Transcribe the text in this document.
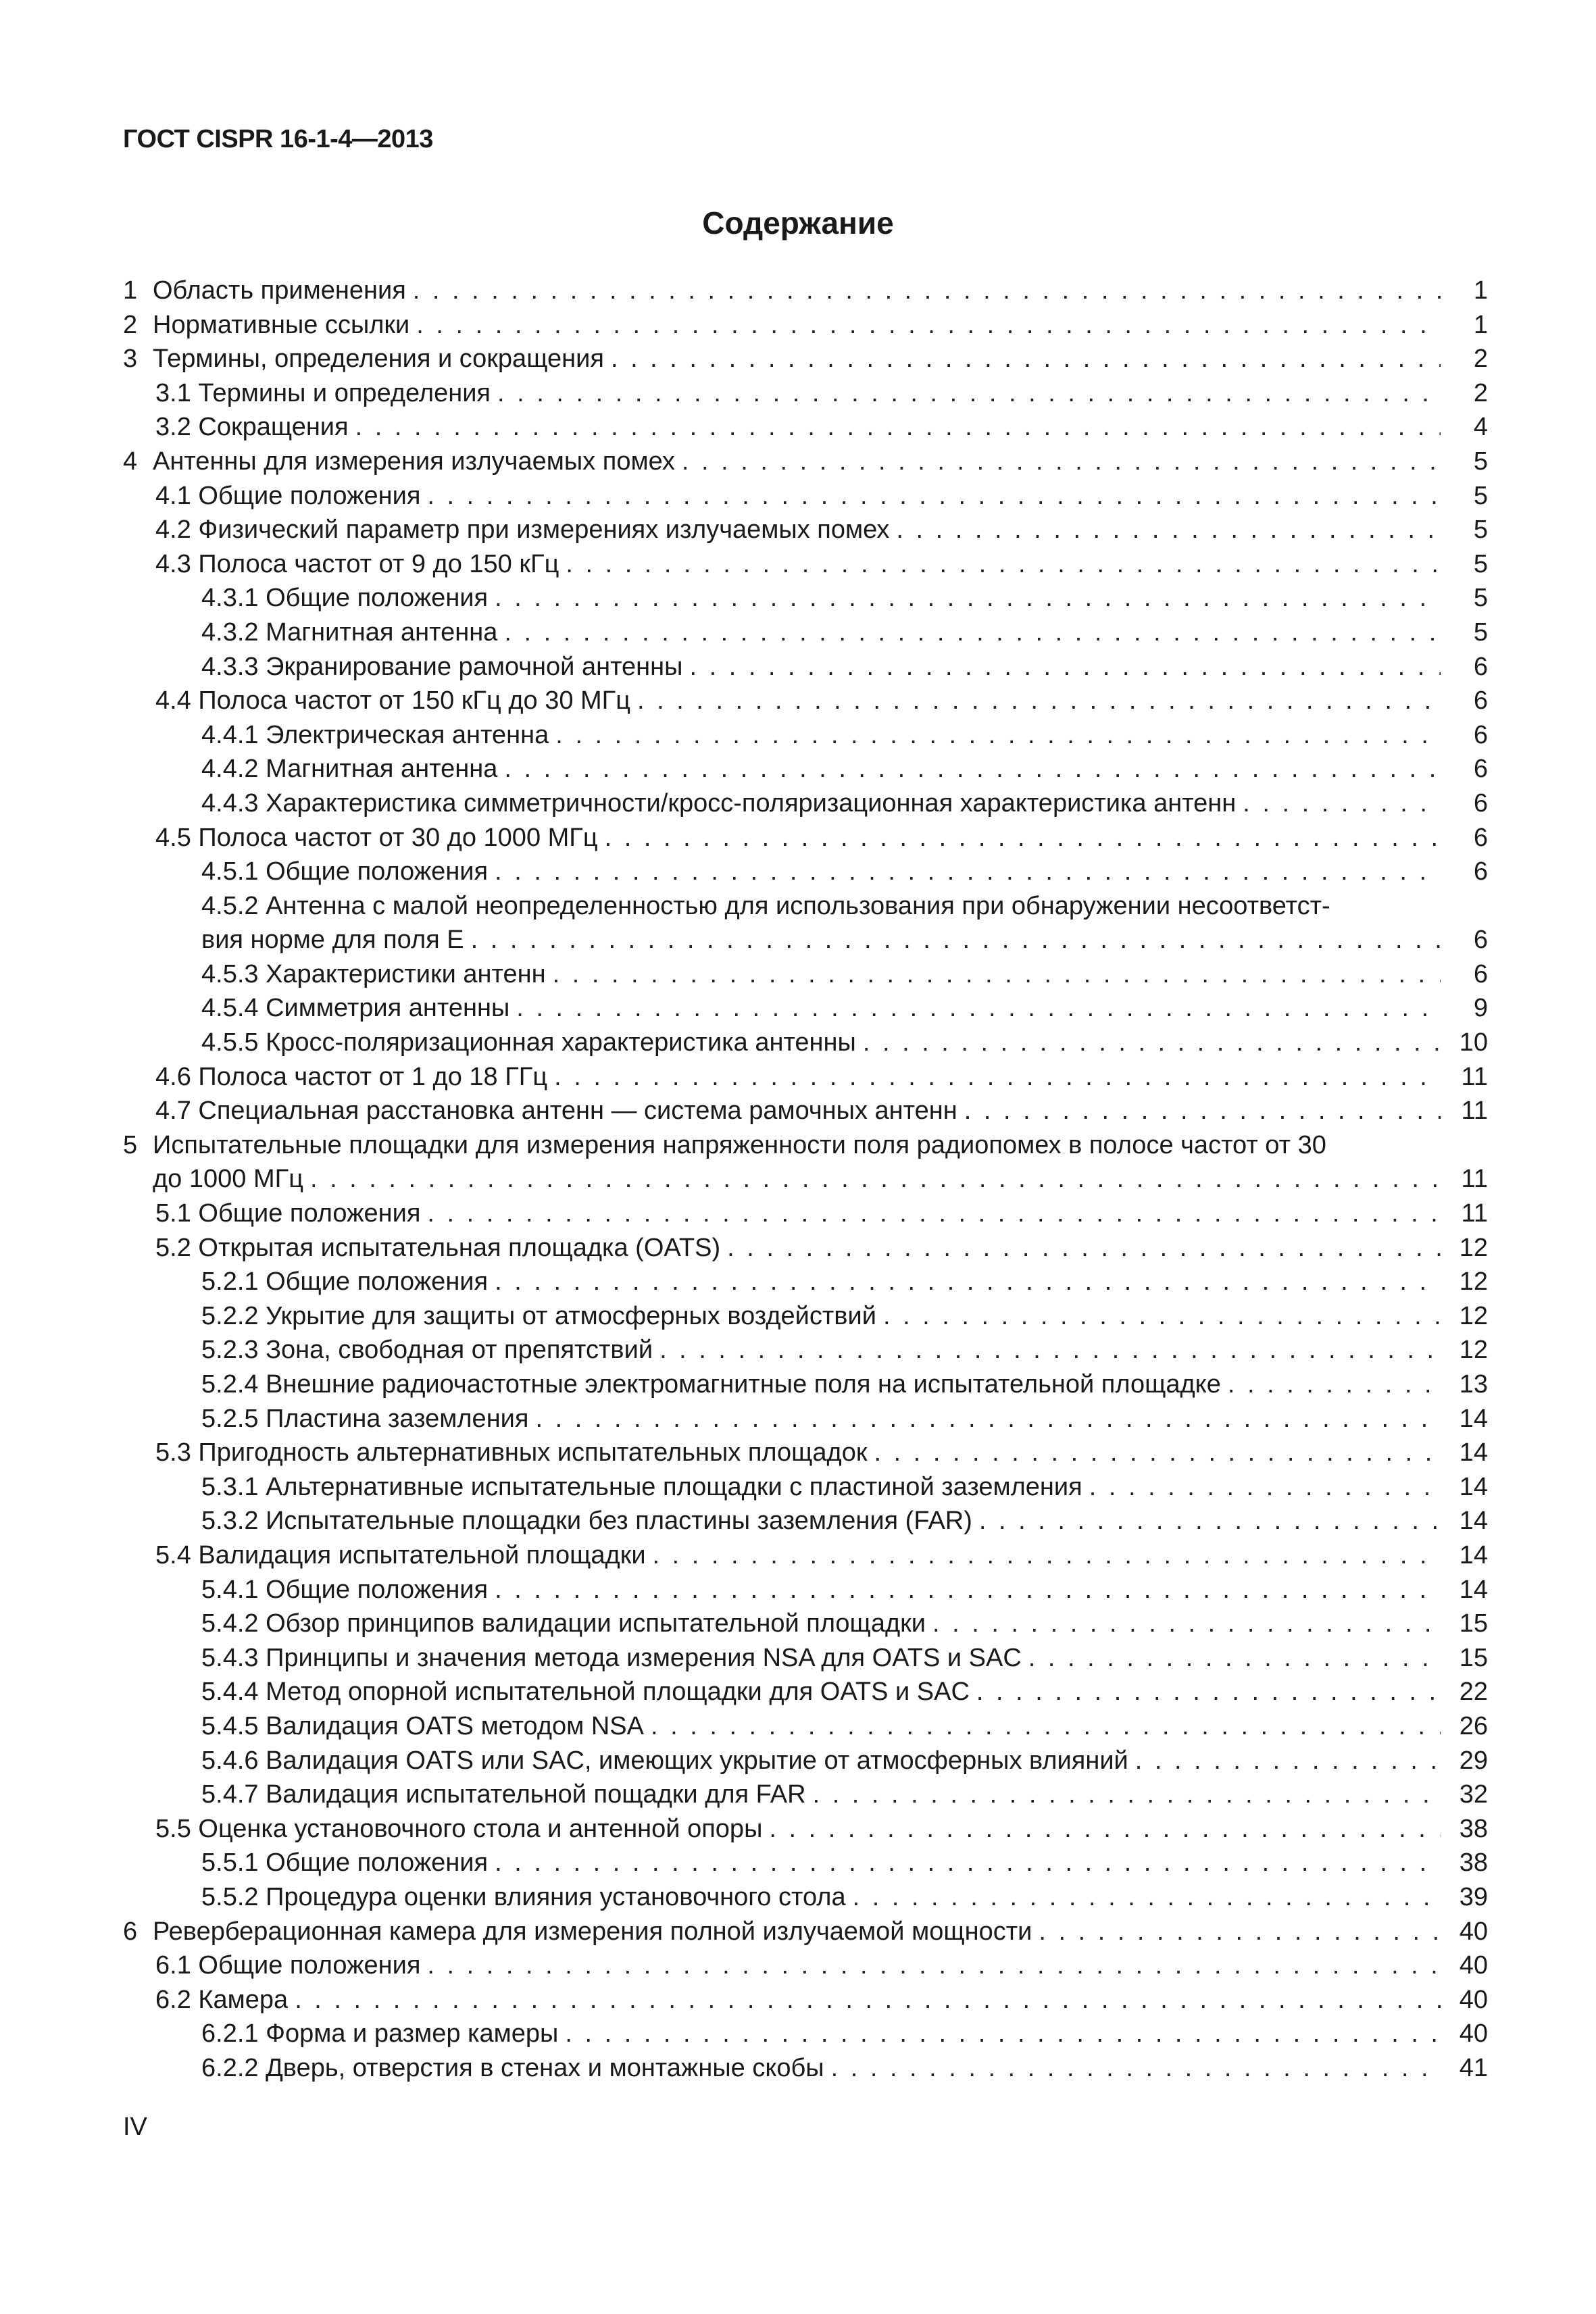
ГОСТ CISPR 16-1-4—2013
Содержание
1 Область применения . . .	1
2 Нормативные ссылки . . .	1
3 Термины, определения и сокращения . . .	2
3.1 Термины и определения . . .	2
3.2 Сокращения . . .	4
4 Антенны для измерения излучаемых помех . . .	5
4.1 Общие положения . . .	5
4.2 Физический параметр при измерениях излучаемых помех . . .	5
4.3 Полоса частот от 9 до 150 кГц . . .	5
4.3.1 Общие положения . . .	5
4.3.2 Магнитная антенна . . .	5
4.3.3 Экранирование рамочной антенны . . .	6
4.4 Полоса частот от 150 кГц до 30 МГц . . .	6
4.4.1 Электрическая антенна . . .	6
4.4.2 Магнитная антенна . . .	6
4.4.3 Характеристика симметричности/кросс-поляризационная характеристика антенн . . .	6
4.5 Полоса частот от 30 до 1000 МГц . . .	6
4.5.1 Общие положения . . .	6
4.5.2 Антенна с малой неопределенностью для использования при обнаружении несоответст-
вия норме для поля E . . .	6
4.5.3 Характеристики антенн . . .	6
4.5.4 Симметрия антенны . . .	9
4.5.5 Кросс-поляризационная характеристика антенны . . .	10
4.6 Полоса частот от 1 до 18 ГГц . . .	11
4.7 Специальная расстановка антенн — система рамочных антенн . . .	11
5 Испытательные площадки для измерения напряженности поля радиопомех в полосе частот от 30
до 1000 МГц . . .	11
5.1 Общие положения . . .	11
5.2 Открытая испытательная площадка (OATS) . . .	12
5.2.1 Общие положения . . .	12
5.2.2 Укрытие для защиты от атмосферных воздействий . . .	12
5.2.3 Зона, свободная от препятствий . . .	12
5.2.4 Внешние радиочастотные электромагнитные поля на испытательной площадке . . .	13
5.2.5 Пластина заземления . . .	14
5.3 Пригодность альтернативных испытательных площадок . . .	14
5.3.1 Альтернативные испытательные площадки с пластиной заземления . . .	14
5.3.2 Испытательные площадки без пластины заземления (FAR) . . .	14
5.4 Валидация испытательной площадки . . .	14
5.4.1 Общие положения . . .	14
5.4.2 Обзор принципов валидации испытательной площадки . . .	15
5.4.3 Принципы и значения метода измерения NSA для OATS и SAC . . .	15
5.4.4 Метод опорной испытательной площадки для OATS и SAC . . .	22
5.4.5 Валидация OATS методом NSA . . .	26
5.4.6 Валидация OATS или SAC, имеющих укрытие от атмосферных влияний . . .	29
5.4.7 Валидация испытательной пощадки для FAR . . .	32
5.5 Оценка установочного стола и антенной опоры . . .	38
5.5.1 Общие положения . . .	38
5.5.2 Процедура оценки влияния установочного стола . . .	39
6 Реверберационная камера для измерения полной излучаемой мощности . . .	40
6.1 Общие положения . . .	40
6.2 Камера . . .	40
6.2.1 Форма и размер камеры . . .	40
6.2.2 Дверь, отверстия в стенах и монтажные скобы . . .	41
IV
